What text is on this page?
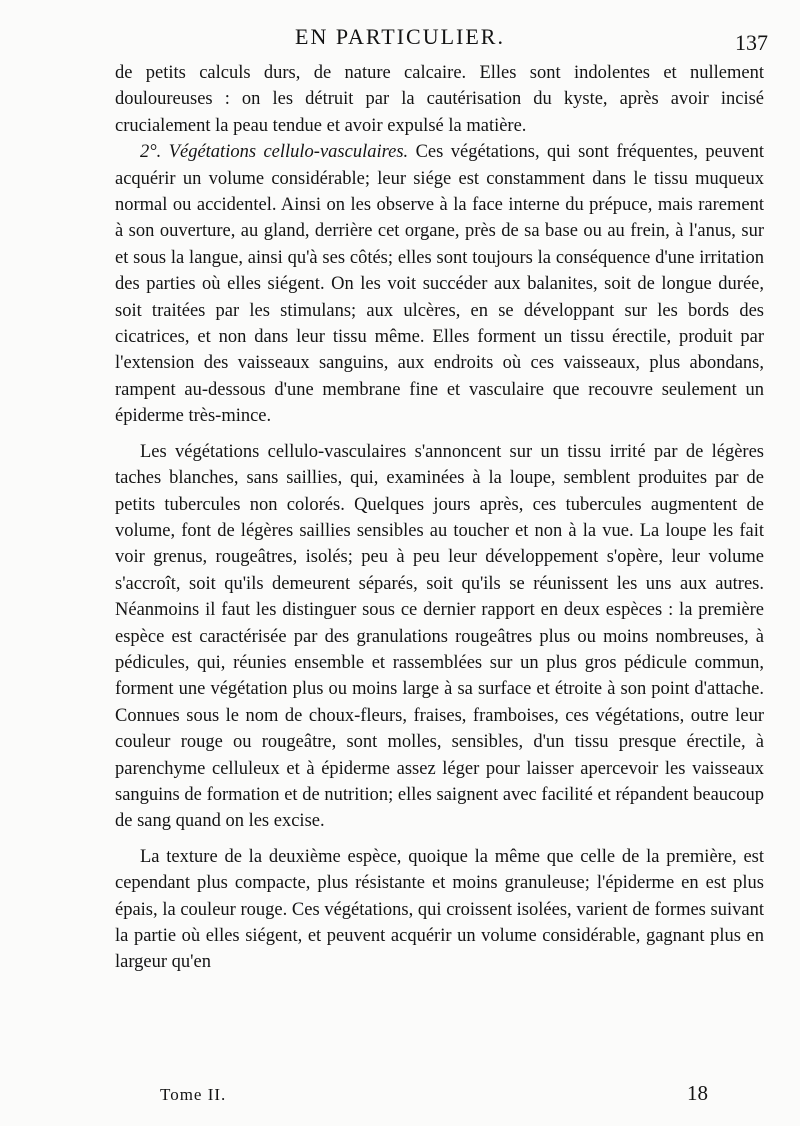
EN PARTICULIER.	137

de petits calculs durs, de nature calcaire. Elles sont indolentes et nullement douloureuses : on les détruit par la cautérisation du kyste, après avoir incisé crucialement la peau tendue et avoir expulsé la matière.

2°. Végétations cellulo-vasculaires. Ces végétations, qui sont fréquentes, peuvent acquérir un volume considérable; leur siége est constamment dans le tissu muqueux normal ou accidentel. Ainsi on les observe à la face interne du prépuce, mais rarement à son ouverture, au gland, derrière cet organe, près de sa base ou au frein, à l'anus, sur et sous la langue, ainsi qu'à ses côtés; elles sont toujours la conséquence d'une irritation des parties où elles siégent. On les voit succéder aux balanites, soit de longue durée, soit traitées par les stimulans; aux ulcères, en se développant sur les bords des cicatrices, et non dans leur tissu même. Elles forment un tissu érectile, produit par l'extension des vaisseaux sanguins, aux endroits où ces vaisseaux, plus abondans, rampent au-dessous d'une membrane fine et vasculaire que recouvre seulement un épiderme très-mince.

Les végétations cellulo-vasculaires s'annoncent sur un tissu irrité par de légères taches blanches, sans saillies, qui, examinées à la loupe, semblent produites par de petits tubercules non colorés. Quelques jours après, ces tubercules augmentent de volume, font de légères saillies sensibles au toucher et non à la vue. La loupe les fait voir grenus, rougeâtres, isolés; peu à peu leur développement s'opère, leur volume s'accroît, soit qu'ils demeurent séparés, soit qu'ils se réunissent les uns aux autres. Néanmoins il faut les distinguer sous ce dernier rapport en deux espèces : la première espèce est caractérisée par des granulations rougeâtres plus ou moins nombreuses, à pédicules, qui, réunies ensemble et rassemblées sur un plus gros pédicule commun, forment une végétation plus ou moins large à sa surface et étroite à son point d'attache. Connues sous le nom de choux-fleurs, fraises, framboises, ces végétations, outre leur couleur rouge ou rougeâtre, sont molles, sensibles, d'un tissu presque érectile, à parenchyme celluleux et à épiderme assez léger pour laisser apercevoir les vaisseaux sanguins de formation et de nutrition; elles saignent avec facilité et répandent beaucoup de sang quand on les excise.

La texture de la deuxième espèce, quoique la même que celle de la première, est cependant plus compacte, plus résistante et moins granuleuse; l'épiderme en est plus épais, la couleur rouge. Ces végétations, qui croissent isolées, varient de formes suivant la partie où elles siégent, et peuvent acquérir un volume considérable, gagnant plus en largeur qu'en

Tome II.	18
